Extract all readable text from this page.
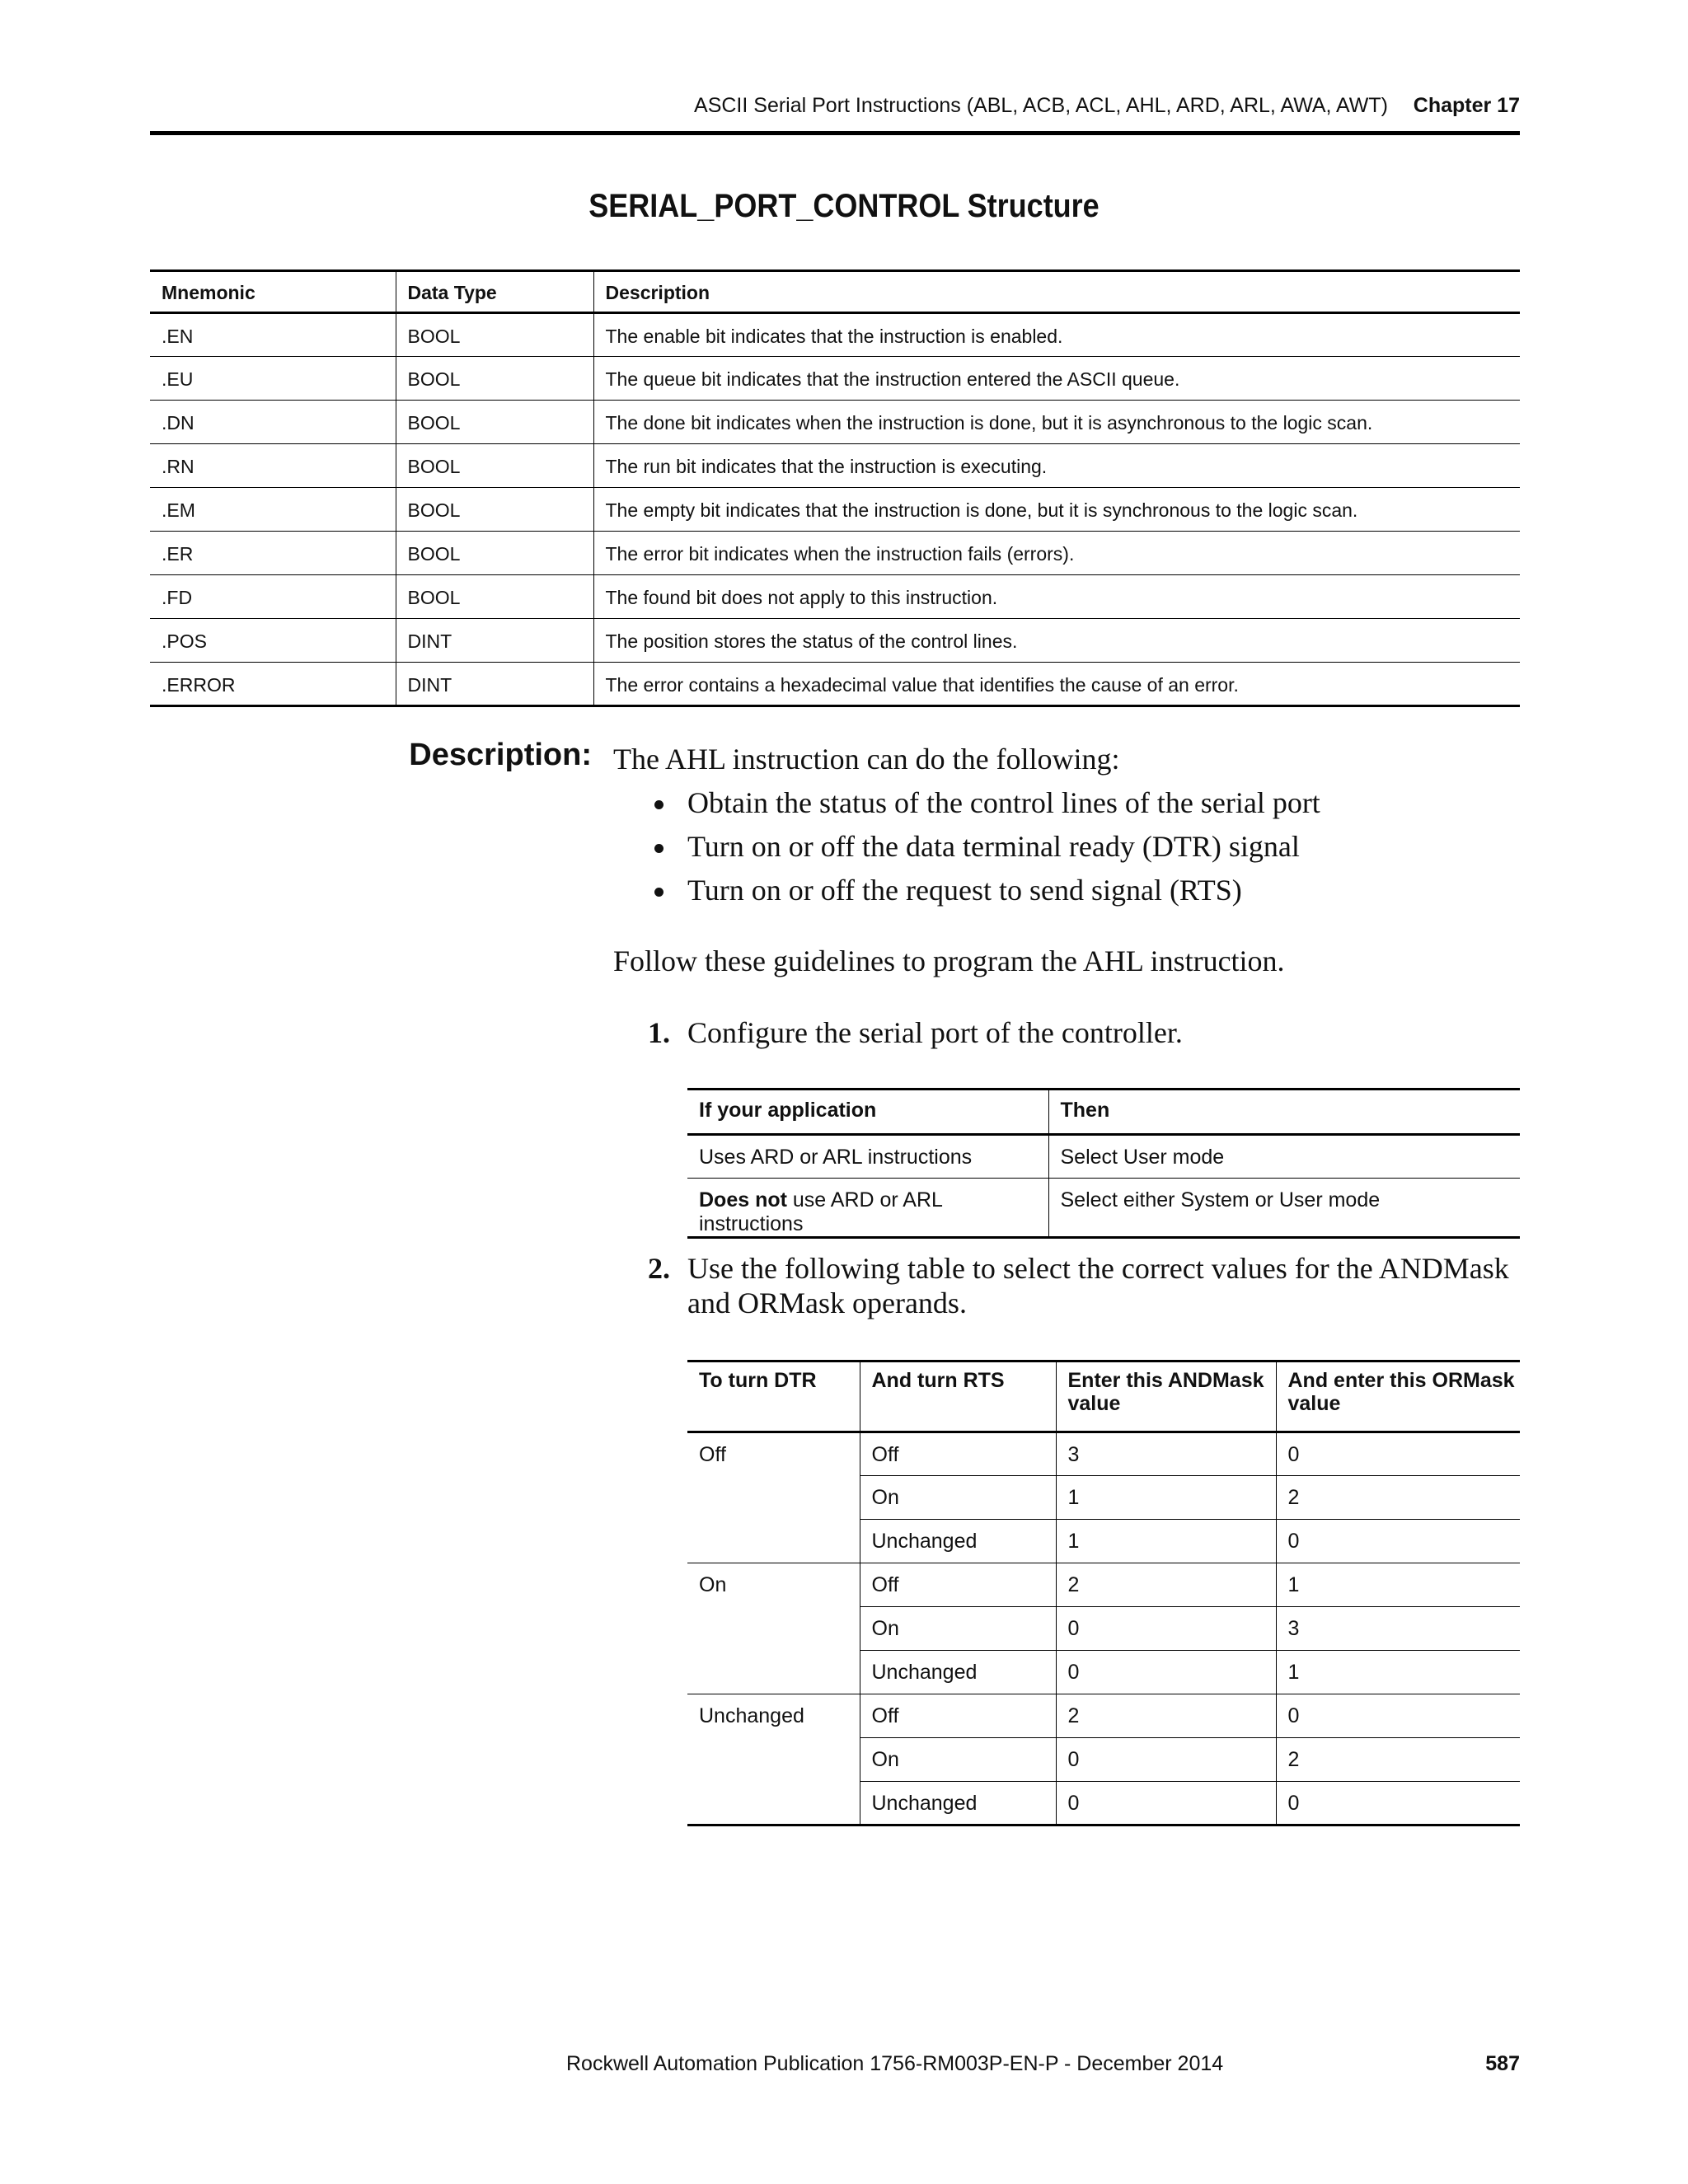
ASCII Serial Port Instructions (ABL, ACB, ACL, AHL, ARD, ARL, AWA, AWT) Chapter 17
SERIAL_PORT_CONTROL Structure
Mnemonic	Data Type	Description
.EN	BOOL	The enable bit indicates that the instruction is enabled.
.EU	BOOL	The queue bit indicates that the instruction entered the ASCII queue.
.DN	BOOL	The done bit indicates when the instruction is done, but it is asynchronous to the logic scan.
.RN	BOOL	The run bit indicates that the instruction is executing.
.EM	BOOL	The empty bit indicates that the instruction is done, but it is synchronous to the logic scan.
.ER	BOOL	The error bit indicates when the instruction fails (errors).
.FD	BOOL	The found bit does not apply to this instruction.
.POS	DINT	The position stores the status of the control lines.
.ERROR	DINT	The error contains a hexadecimal value that identifies the cause of an error.
Description: The AHL instruction can do the following:
Obtain the status of the control lines of the serial port
Turn on or off the data terminal ready (DTR) signal
Turn on or off the request to send signal (RTS)
Follow these guidelines to program the AHL instruction.
1. Configure the serial port of the controller.
If your application	Then
Uses ARD or ARL instructions	Select User mode
Does not use ARD or ARL instructions	Select either System or User mode
2. Use the following table to select the correct values for the ANDMask and ORMask operands.
To turn DTR	And turn RTS	Enter this ANDMask value	And enter this ORMask value
Off	Off	3	0
	On	1	2
	Unchanged	1	0
On	Off	2	1
	On	0	3
	Unchanged	0	1
Unchanged	Off	2	0
	On	0	2
	Unchanged	0	0
Rockwell Automation Publication 1756-RM003P-EN-P - December 2014	587
